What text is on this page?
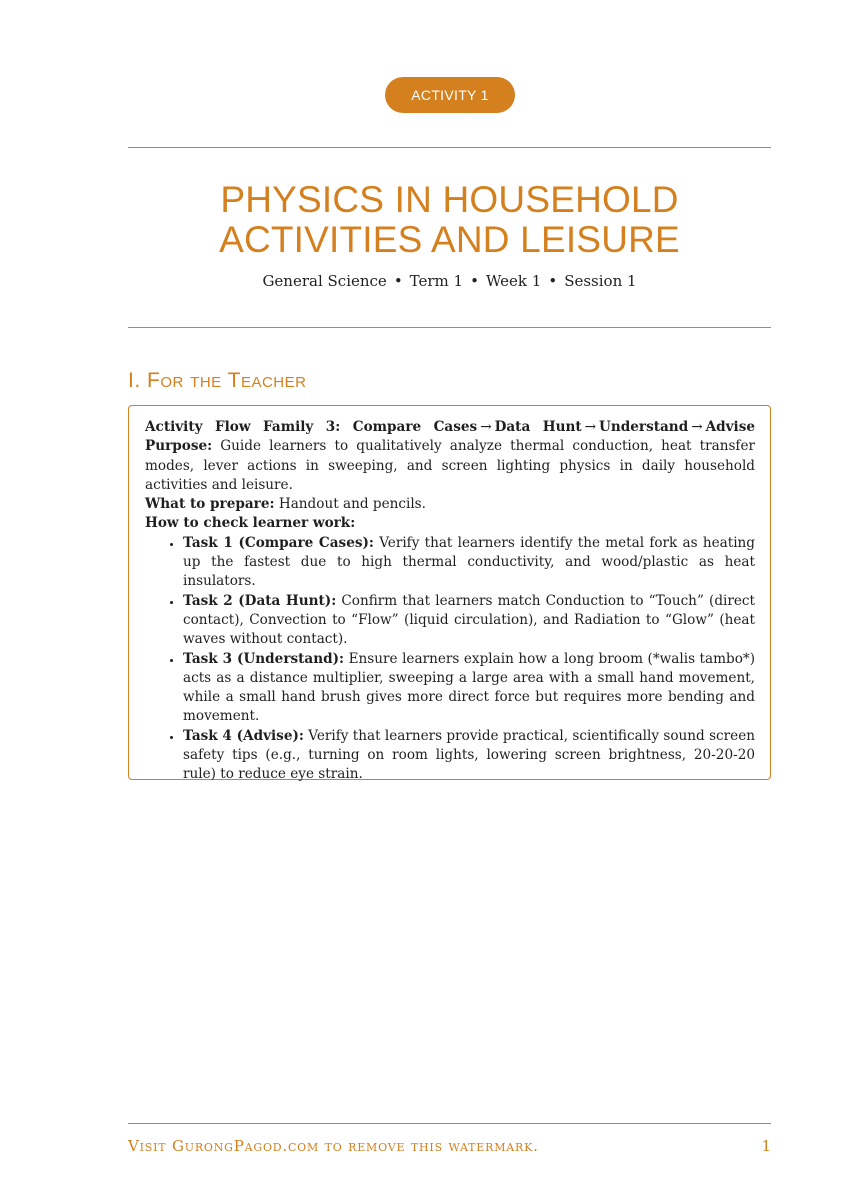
ACTIVITY 1
PHYSICS IN HOUSEHOLD ACTIVITIES AND LEISURE
General Science • Term 1 • Week 1 • Session 1
I. For the Teacher

Activity Flow Family 3: Compare Cases → Data Hunt → Understand → Advise

Purpose: Guide learners to qualitatively analyze thermal conduction, heat transfer modes, lever actions in sweeping, and screen lighting physics in daily household activities and leisure.

What to prepare: Handout and pencils.

How to check learner work:

• Task 1 (Compare Cases): Verify that learners identify the metal fork as heating up the fastest due to high thermal conductivity, and wood/plastic as heat insulators.
• Task 2 (Data Hunt): Confirm that learners match Conduction to “Touch” (direct contact), Convection to “Flow” (liquid circulation), and Radiation to “Glow” (heat waves without contact).
• Task 3 (Understand): Ensure learners explain how a long broom (*walis tambo*) acts as a distance multiplier, sweeping a large area with a small hand movement, while a small hand brush gives more direct force but requires more bending and movement.
• Task 4 (Advise): Verify that learners provide practical, scientifically sound screen safety tips (e.g., turning on room lights, lowering screen brightness, 20-20-20 rule) to reduce eye strain.
Visit GurongPagod.com to remove this watermark.	1
